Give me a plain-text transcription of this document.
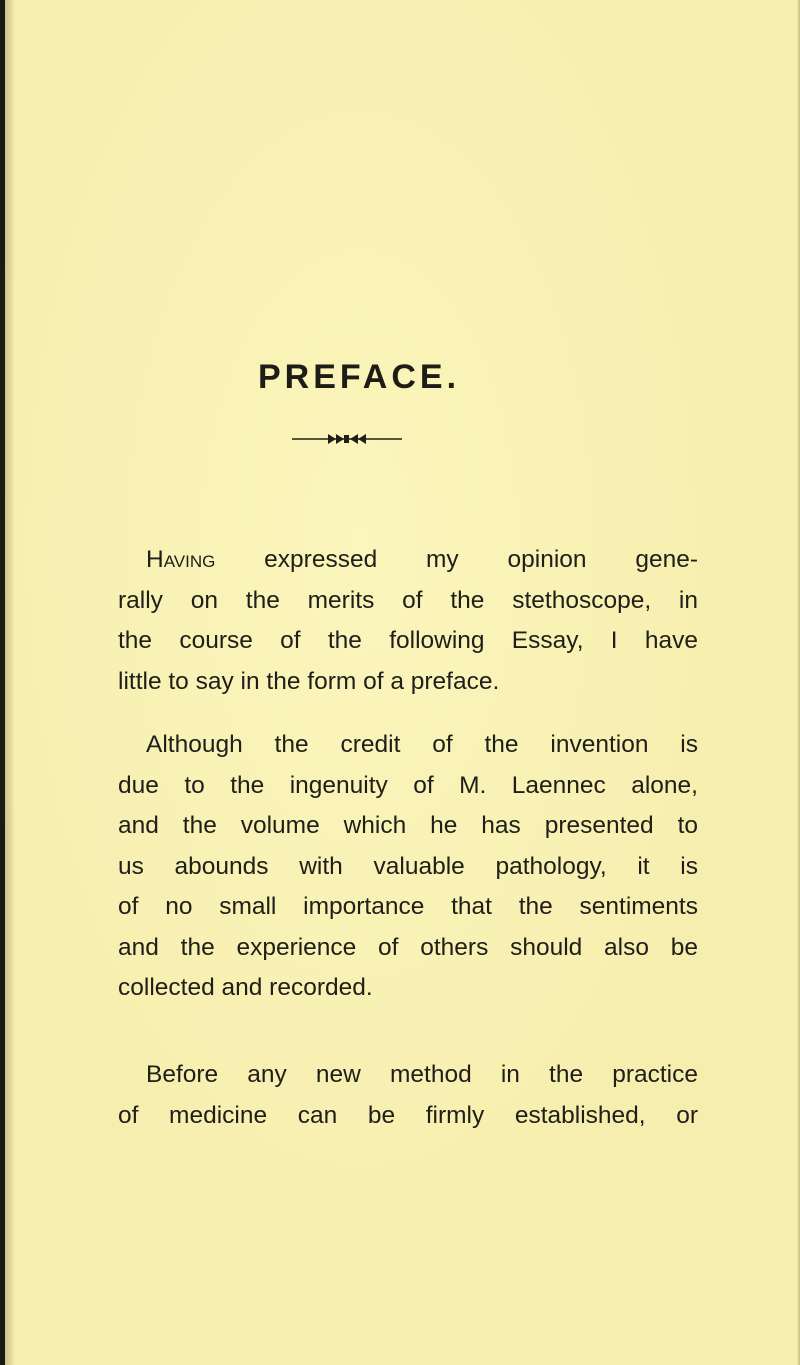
PREFACE.
Having expressed my opinion gene-
rally on the merits of the stethoscope, in
the course of the following Essay, I have
little to say in the form of a preface.
Although the credit of the invention is
due to the ingenuity of M. Laennec alone,
and the volume which he has presented to
us abounds with valuable pathology, it is
of no small importance that the sentiments
and the experience of others should also be
collected and recorded.
Before any new method in the practice
of medicine can be firmly established, or
